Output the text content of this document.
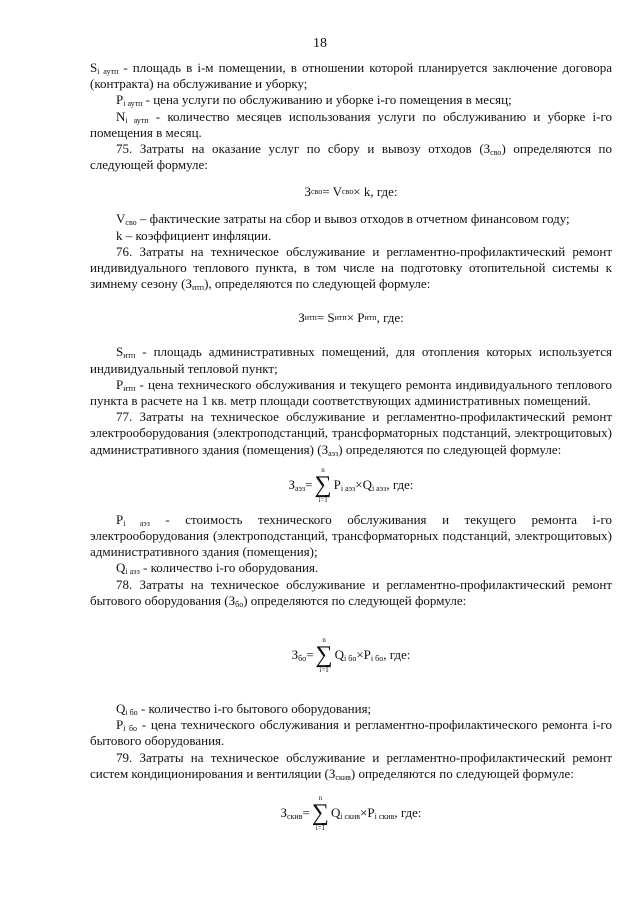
18

$S_{i аутп}$ - площадь в i-м помещении, в отношении которой планируется заключение договора (контракта) на обслуживание и уборку;

$P_{i аутп}$ - цена услуги по обслуживанию и уборке i-го помещения в месяц;

$N_{i аутп}$ - количество месяцев использования услуги по обслуживанию и уборке i-го помещения в месяц.

75. Затраты на оказание услуг по сбору и вывозу отходов $(З_{сво})$ определяются по следующей формуле:

З сво = V сво × k, где:

$V_{сво}$ – фактические затраты на сбор и вывоз отходов в отчетном финансовом году;

k – коэффициент инфляции.

76. Затраты на техническое обслуживание и регламентно-профилактический ремонт индивидуального теплового пункта, в том числе на подготовку отопительной системы к зимнему сезону $(З_{итп})$, определяются по следующей формуле:

З итп = S итп × P итп , где:

$S_{итп}$ - площадь административных помещений, для отопления которых используется индивидуальный тепловой пункт;

$P_{итп}$ - цена технического обслуживания и текущего ремонта индивидуального теплового пункта в расчете на 1 кв. метр площади соответствующих административных помещений.

77. Затраты на техническое обслуживание и регламентно-профилактический ремонт электрооборудования (электроподстанций, трансформаторных подстанций, электрощитовых) административного здания (помещения) $(З_{аэз})$ определяются по следующей формуле:

$З_{аэз}$ =
n
∑
i=1
$P_{i аэз} \times Q_{i аэз}$ , где:

$P_{i аэз}$ - стоимость технического обслуживания и текущего ремонта i-го электрооборудования (электроподстанций, трансформаторных подстанций, электрощитовых) административного здания (помещения);

$Q_{i аэз}$ - количество i-го оборудования.

78. Затраты на техническое обслуживание и регламентно-профилактический ремонт бытового оборудования $(З_{бо})$ определяются по следующей формуле:

$З_{бо}$ =
n
∑
i=1
$Q_{i бо} \times P_{i бо}$ , где:

$Q_{i бо}$ - количество i-го бытового оборудования;

$P_{i бо}$ - цена технического обслуживания и регламентно-профилактического ремонта i-го бытового оборудования.

79. Затраты на техническое обслуживание и регламентно-профилактический ремонт систем кондиционирования и вентиляции $(З_{скив})$ определяются по следующей формуле:

$З_{скив}$ =
n
∑
i=1
$Q_{i скив} \times P_{i скив}$ , где:
